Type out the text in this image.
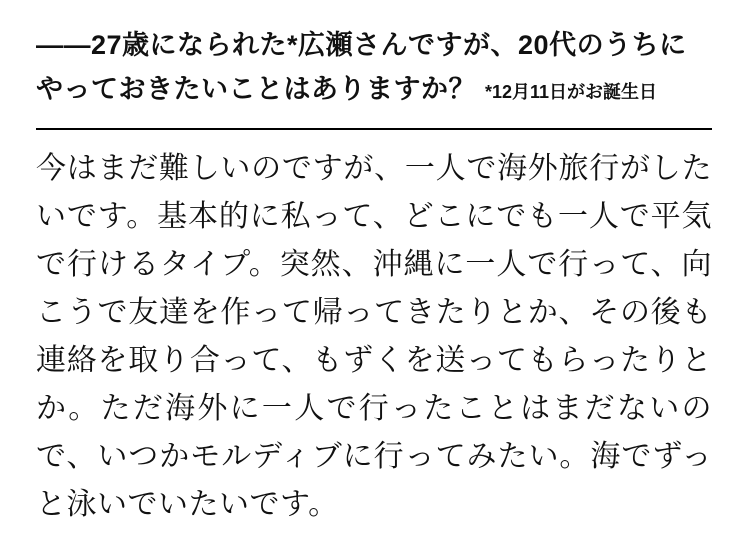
——27歳になられた*広瀬さんですが、20代のうちにやっておきたいことはありますか？ *12月11日がお誕生日

今はまだ難しいのですが、一人で海外旅行がしたいです。基本的に私って、どこにでも一人で平気で行けるタイプ。突然、沖縄に一人で行って、向こうで友達を作って帰ってきたりとか、その後も連絡を取り合って、もずくを送ってもらったりとか。ただ海外に一人で行ったことはまだないので、いつかモルディブに行ってみたい。海でずっと泳いでいたいです。
